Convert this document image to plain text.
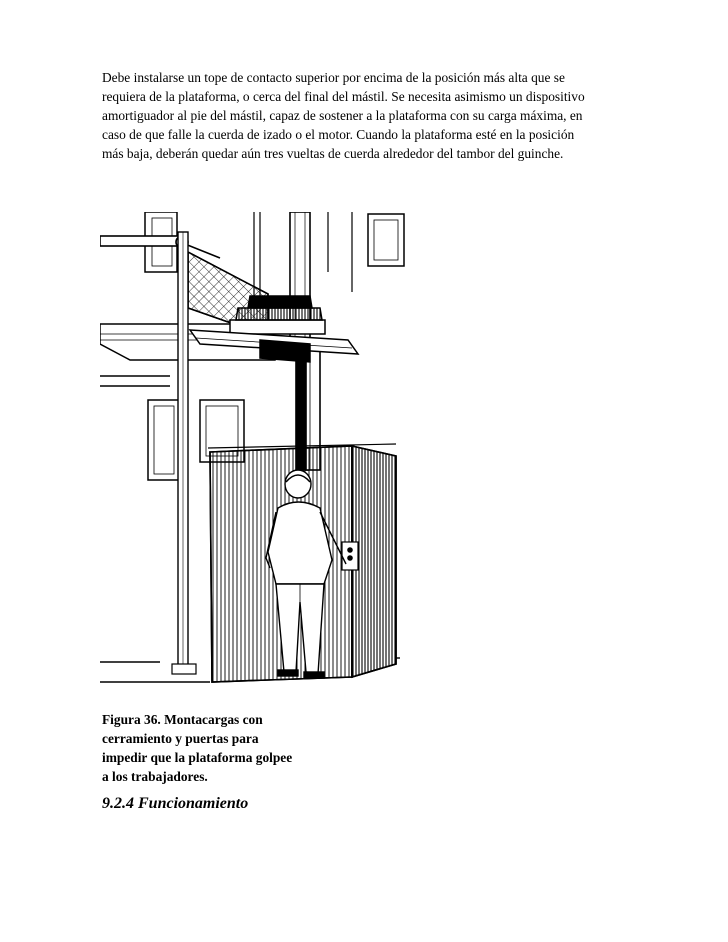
Debe instalarse un tope de contacto superior por encima de la posición más alta que se
requiera de la plataforma, o cerca del final del mástil. Se necesita asimismo un dispositivo
amortiguador al pie del mástil, capaz de sostener a la plataforma con su carga máxima, en
caso de que falle la cuerda de izado o el motor. Cuando la plataforma esté en la posición
más baja, deberán quedar aún tres vueltas de cuerda alrededor del tambor del guinche.
Figura 36. Montacargas con
cerramiento y puertas para
impedir que la plataforma golpee
a los trabajadores.
9.2.4 Funcionamiento
